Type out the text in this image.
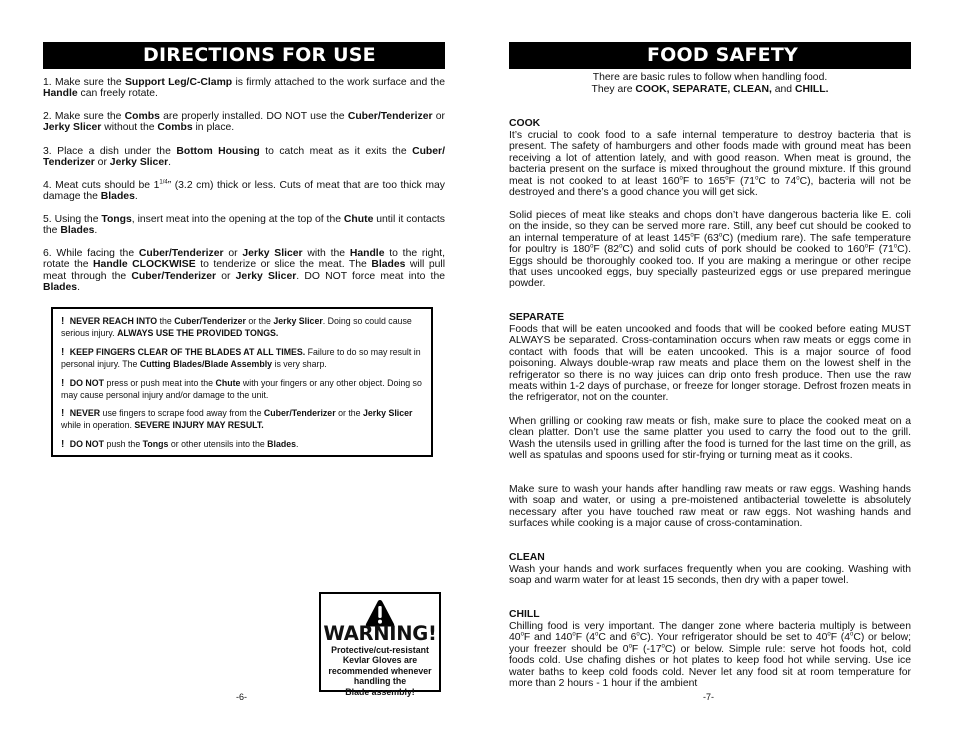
DIRECTIONS FOR USE
1. Make sure the Support Leg/C-Clamp is firmly attached to the work surface and the Handle can freely rotate.
2. Make sure the Combs are properly installed. DO NOT use the Cuber/Tenderizer or Jerky Slicer without the Combs in place.
3. Place a dish under the Bottom Housing to catch meat as it exits the Cuber/ Tenderizer or Jerky Slicer.
4. Meat cuts should be $1^{1/4}$” (3.2 cm) thick or less. Cuts of meat that are too thick may damage the Blades.
5. Using the Tongs, insert meat into the opening at the top of the Chute until it contacts the Blades.
6. While facing the Cuber/Tenderizer or Jerky Slicer with the Handle to the right, rotate the Handle CLOCKWISE to tenderize or slice the meat. The Blades will pull meat through the Cuber/Tenderizer or Jerky Slicer. DO NOT force meat into the Blades.
! NEVER REACH INTO the Cuber/Tenderizer or the Jerky Slicer. Doing so could cause serious injury. ALWAYS USE THE PROVIDED TONGS.
! KEEP FINGERS CLEAR OF THE BLADES AT ALL TIMES. Failure to do so may result in personal injury. The Cutting Blades/Blade Assembly is very sharp.
! DO NOT press or push meat into the Chute with your fingers or any other object. Doing so may cause personal injury and/or damage to the unit.
! NEVER use fingers to scrape food away from the Cuber/Tenderizer or the Jerky Slicer while in operation. SEVERE INJURY MAY RESULT.
! DO NOT push the Tongs or other utensils into the Blades.
WARNING!
Protective/cut-resistant
Kevlar Gloves are
recommended whenever
handling the
Blade assembly!
-6-
FOOD SAFETY
There are basic rules to follow when handling food.
They are COOK, SEPARATE, CLEAN, and CHILL.
COOK
It’s crucial to cook food to a safe internal temperature to destroy bacteria that is present. The safety of hamburgers and other foods made with ground meat has been receiving a lot of attention lately, and with good reason. When meat is ground, the bacteria present on the surface is mixed throughout the ground mixture. If this ground meat is not cooked to at least 160$^o$F to 165$^o$F (71$^o$C to 74$^o$C), bacteria will not be destroyed and there’s a good chance you will get sick.
Solid pieces of meat like steaks and chops don’t have dangerous bacteria like E. coli on the inside, so they can be served more rare. Still, any beef cut should be cooked to an internal temperature of at least 145$^o$F (63$^o$C) (medium rare). The safe temperature for poultry is 180$^o$F (82$^o$C) and solid cuts of pork should be cooked to 160$^o$F (71$^o$C). Eggs should be thoroughly cooked too. If you are making a meringue or other recipe that uses uncooked eggs, buy specially pasteurized eggs or use prepared meringue powder.
SEPARATE
Foods that will be eaten uncooked and foods that will be cooked before eating MUST ALWAYS be separated. Cross-contamination occurs when raw meats or eggs come in contact with foods that will be eaten uncooked. This is a major source of food poisoning. Always double-wrap raw meats and place them on the lowest shelf in the refrigerator so there is no way juices can drip onto fresh produce. Then use the raw meats within 1-2 days of purchase, or freeze for longer storage. Defrost frozen meats in the refrigerator, not on the counter.
When grilling or cooking raw meats or fish, make sure to place the cooked meat on a clean platter. Don’t use the same platter you used to carry the food out to the grill. Wash the utensils used in grilling after the food is turned for the last time on the grill, as well as spatulas and spoons used for stir-frying or turning meat as it cooks.
Make sure to wash your hands after handling raw meats or raw eggs. Washing hands with soap and water, or using a pre-moistened antibacterial towelette is absolutely necessary after you have touched raw meat or raw eggs. Not washing hands and surfaces while cooking is a major cause of cross-contamination.
CLEAN
Wash your hands and work surfaces frequently when you are cooking. Washing with soap and warm water for at least 15 seconds, then dry with a paper towel.
CHILL
Chilling food is very important. The danger zone where bacteria multiply is between 40$^o$F and 140$^o$F (4$^o$C and 6$^o$C). Your refrigerator should be set to 40$^o$F (4$^o$C) or below; your freezer should be 0$^o$F (-17$^o$C) or below. Simple rule: serve hot foods hot, cold foods cold. Use chafing dishes or hot plates to keep food hot while serving. Use ice water baths to keep cold foods cold. Never let any food sit at room temperature for more than 2 hours - 1 hour if the ambient
-7-
